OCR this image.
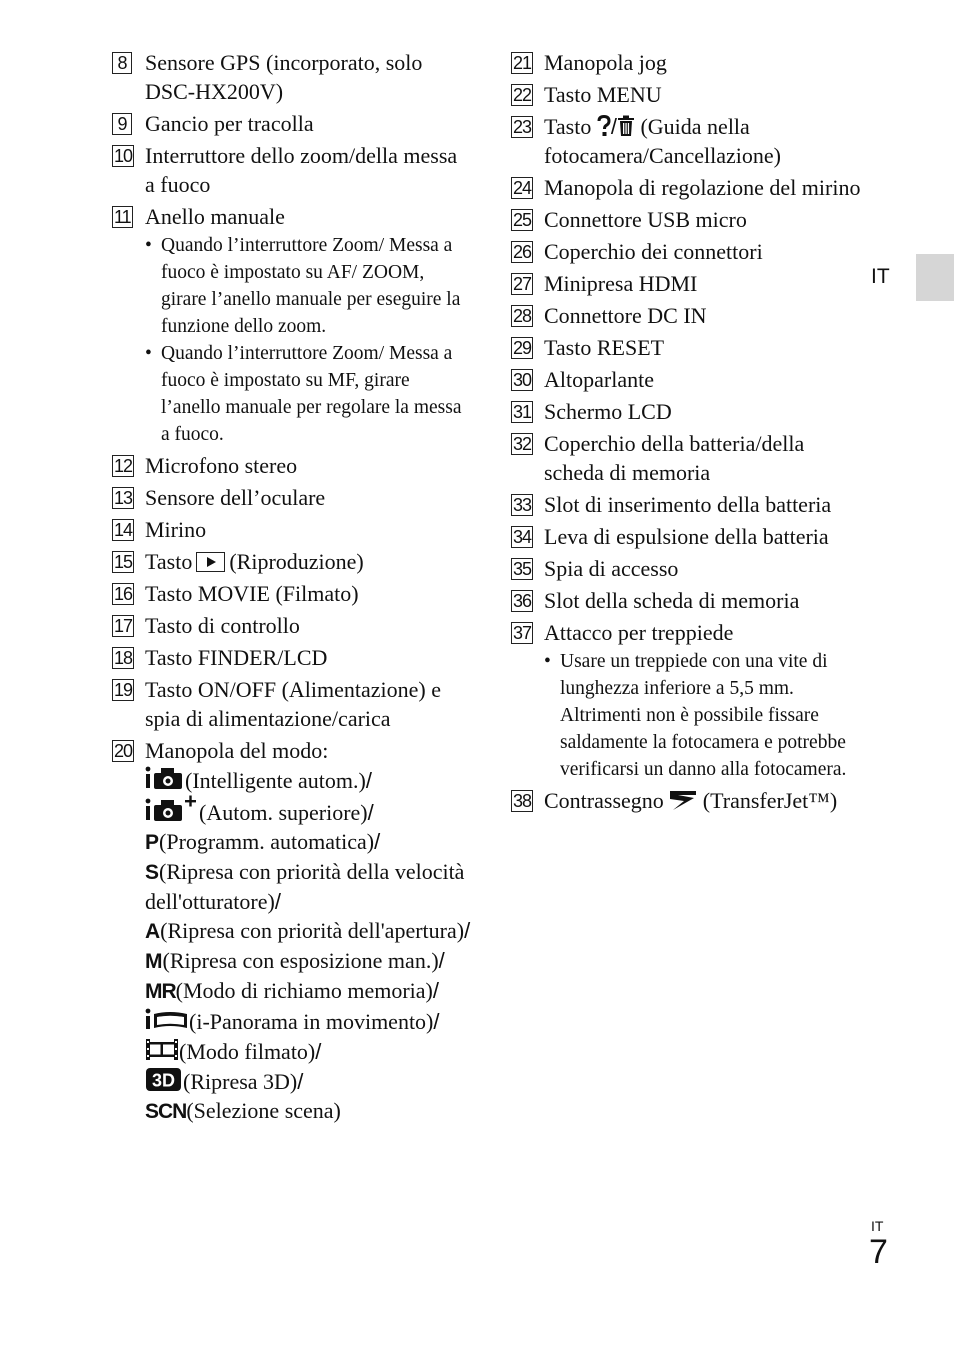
8 Sensore GPS (incorporato, solo DSC-HX200V)
9 Gancio per tracolla
10 Interruttore dello zoom/della messa a fuoco
11 Anello manuale
• Quando l’interruttore Zoom/ Messa a fuoco è impostato su AF/ ZOOM, girare l’anello manuale per eseguire la funzione dello zoom.
• Quando l’interruttore Zoom/ Messa a fuoco è impostato su MF, girare l’anello manuale per regolare la messa a fuoco.
12 Microfono stereo
13 Sensore dell’oculare
14 Mirino
15 Tasto (Riproduzione)
16 Tasto MOVIE (Filmato)
17 Tasto di controllo
18 Tasto FINDER/LCD
19 Tasto ON/OFF (Alimentazione) e spia di alimentazione/carica
20 Manopola del modo:
(Intelligente autom.)/
(Autom. superiore)/
P(Programm. automatica)/
S(Ripresa con priorità della velocità dell'otturatore)/
A(Ripresa con priorità dell'apertura)/
M(Ripresa con esposizione man.)/
MR(Modo di richiamo memoria)/
(i-Panorama in movimento)/
(Modo filmato)/
3D (Ripresa 3D)/
SCN(Selezione scena)
21 Manopola jog
22 Tasto MENU
23 Tasto / (Guida nella fotocamera/Cancellazione)
24 Manopola di regolazione del mirino
25 Connettore USB micro
26 Coperchio dei connettori
27 Minipresa HDMI
28 Connettore DC IN
29 Tasto RESET
30 Altoparlante
31 Schermo LCD
32 Coperchio della batteria/della scheda di memoria
33 Slot di inserimento della batteria
34 Leva di espulsione della batteria
35 Spia di accesso
36 Slot della scheda di memoria
37 Attacco per treppiede
• Usare un treppiede con una vite di lunghezza inferiore a 5,5 mm. Altrimenti non è possibile fissare saldamente la fotocamera e potrebbe verificarsi un danno alla fotocamera.
38 Contrassegno (TransferJet™)
IT
IT
7
